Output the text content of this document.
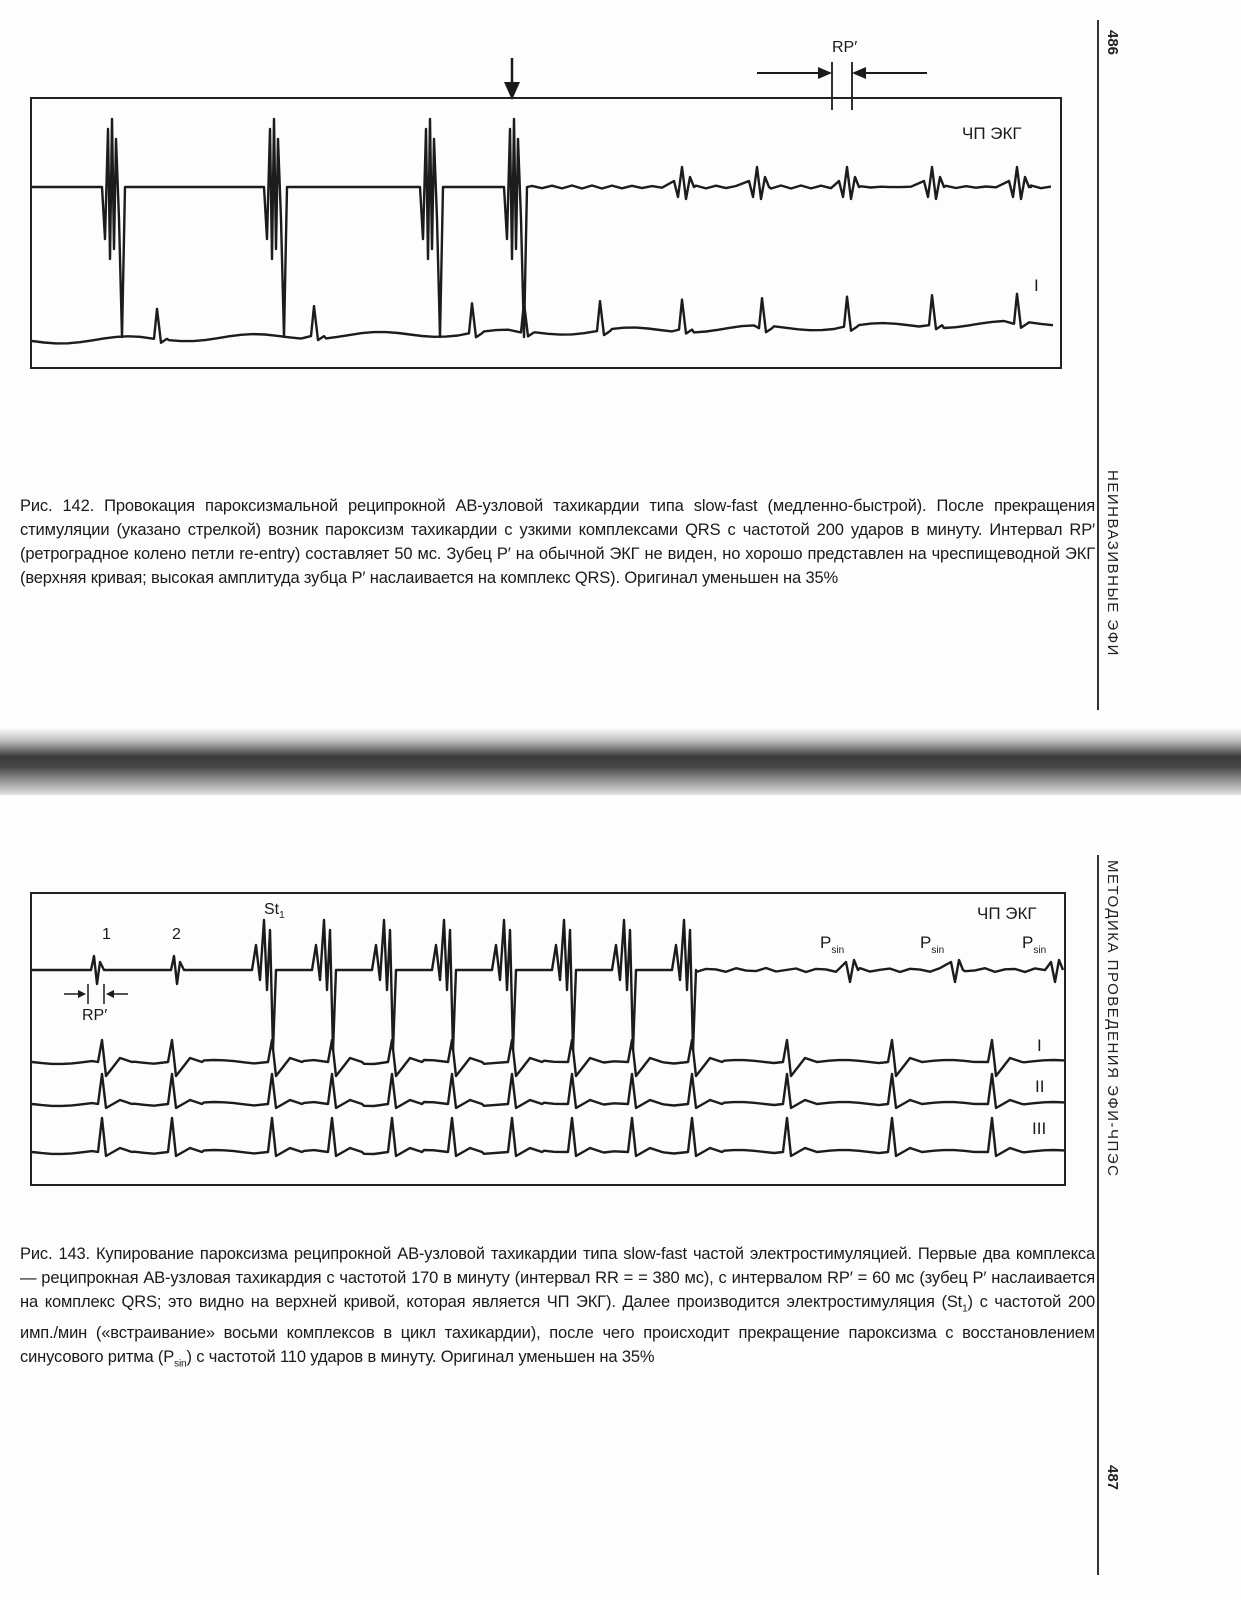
RP′
ЧП ЭКГ
I
Рис. 142. Провокация пароксизмальной реципрокной АВ-узловой тахикардии типа slow-fast (медленно-быстрой). После прекращения стимуляции (указано стрелкой) возник пароксизм тахикардии с узкими комплексами QRS с частотой 200 ударов в минуту. Интервал RP′ (ретроградное колено петли re-entry) составляет 50 мс. Зубец P′ на обычной ЭКГ не виден, но хорошо представлен на чреспищеводной ЭКГ (верхняя кривая; высокая амплитуда зубца P′ наслаивается на комплекс QRS). Оригинал уменьшен на 35%
486
НЕИНВАЗИВНЫЕ ЭФИ
1	2
$St_1$	ЧП ЭКГ
RP′
$P_{sin}$	$P_{sin}$	$P_{sin}$
I
II
III
Рис. 143. Купирование пароксизма реципрокной АВ-узловой тахикардии типа slow-fast частой электростимуляцией. Первые два комплекса — реципрокная АВ-узловая тахикардия с частотой 170 в минуту (интервал RR = = 380 мс), с интервалом RP′ = 60 мс (зубец P′ наслаивается на комплекс QRS; это видно на верхней кривой, которая является ЧП ЭКГ). Далее производится электростимуляция $(St_1)$ с частотой 200 имп./мин («встраивание» восьми комплексов в цикл тахикардии), после чего происходит прекращение пароксизма с восстановлением синусового ритма $(P_{sin})$ с частотой 110 ударов в минуту. Оригинал уменьшен на 35%
МЕТОДИКА ПРОВЕДЕНИЯ ЭФИ-ЧПЭС
487
